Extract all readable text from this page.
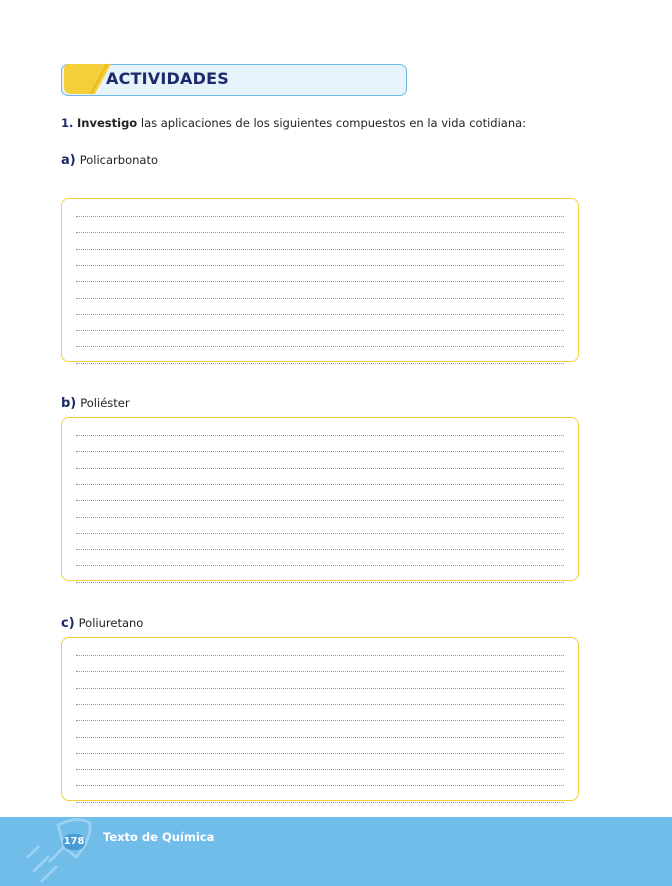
ACTIVIDADES
1. Investigo las aplicaciones de los siguientes compuestos en la vida cotidiana:
a) Policarbonato
b) Poliéster
c) Poliuretano
178 Texto de Química
